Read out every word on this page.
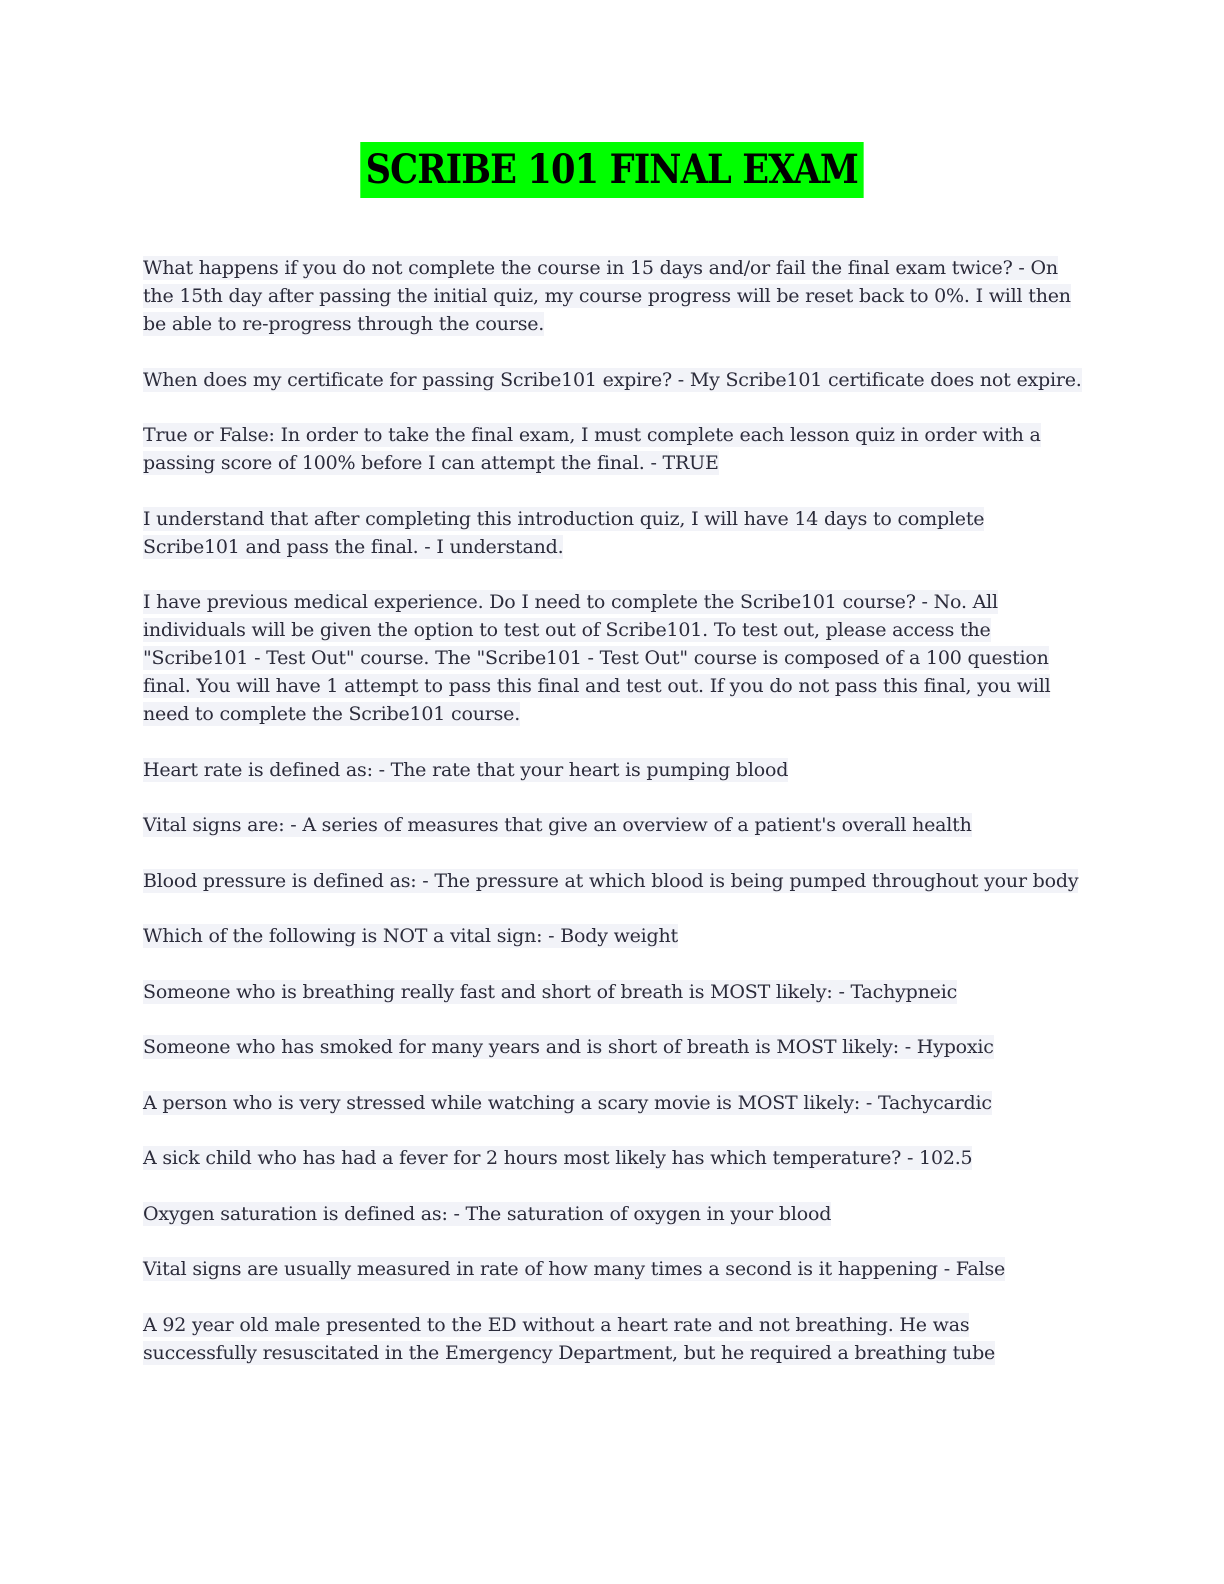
SCRIBE 101 FINAL EXAM

What happens if you do not complete the course in 15 days and/or fail the final exam twice? - On the 15th day after passing the initial quiz, my course progress will be reset back to 0%. I will then be able to re-progress through the course.

When does my certificate for passing Scribe101 expire? - My Scribe101 certificate does not expire.

True or False: In order to take the final exam, I must complete each lesson quiz in order with a passing score of 100% before I can attempt the final. - TRUE

I understand that after completing this introduction quiz, I will have 14 days to complete Scribe101 and pass the final. - I understand.

I have previous medical experience. Do I need to complete the Scribe101 course? - No. All individuals will be given the option to test out of Scribe101. To test out, please access the "Scribe101 - Test Out" course. The "Scribe101 - Test Out" course is composed of a 100 question final. You will have 1 attempt to pass this final and test out. If you do not pass this final, you will need to complete the Scribe101 course.

Heart rate is defined as: - The rate that your heart is pumping blood

Vital signs are: - A series of measures that give an overview of a patient's overall health

Blood pressure is defined as: - The pressure at which blood is being pumped throughout your body

Which of the following is NOT a vital sign: - Body weight

Someone who is breathing really fast and short of breath is MOST likely: - Tachypneic

Someone who has smoked for many years and is short of breath is MOST likely: - Hypoxic

A person who is very stressed while watching a scary movie is MOST likely: - Tachycardic

A sick child who has had a fever for 2 hours most likely has which temperature? - 102.5

Oxygen saturation is defined as: - The saturation of oxygen in your blood

Vital signs are usually measured in rate of how many times a second is it happening - False

A 92 year old male presented to the ED without a heart rate and not breathing. He was successfully resuscitated in the Emergency Department, but he required a breathing tube
